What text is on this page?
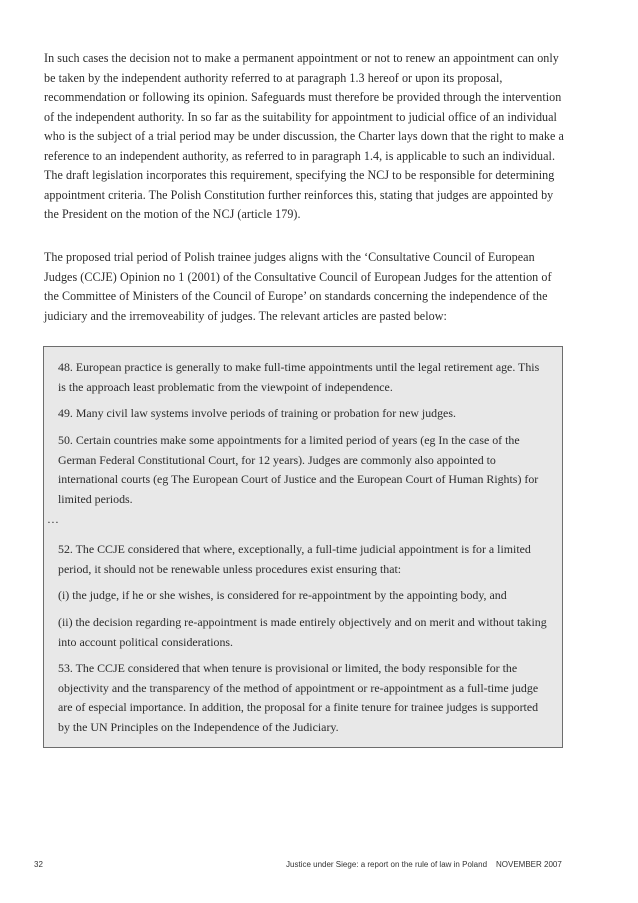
In such cases the decision not to make a permanent appointment or not to renew an appointment can only be taken by the independent authority referred to at paragraph 1.3 hereof or upon its proposal, recommendation or following its opinion. Safeguards must therefore be provided through the intervention of the independent authority. In so far as the suitability for appointment to judicial office of an individual who is the subject of a trial period may be under discussion, the Charter lays down that the right to make a reference to an independent authority, as referred to in paragraph 1.4, is applicable to such an individual. The draft legislation incorporates this requirement, specifying the NCJ to be responsible for determining appointment criteria. The Polish Constitution further reinforces this, stating that judges are appointed by the President on the motion of the NCJ (article 179).

The proposed trial period of Polish trainee judges aligns with the ‘Consultative Council of European Judges (CCJE) Opinion no 1 (2001) of the Consultative Council of European Judges for the attention of the Committee of Ministers of the Council of Europe’ on standards concerning the independence of the judiciary and the irremoveability of judges. The relevant articles are pasted below:

48. European practice is generally to make full-time appointments until the legal retirement age. This is the approach least problematic from the viewpoint of independence.

49. Many civil law systems involve periods of training or probation for new judges.

50. Certain countries make some appointments for a limited period of years (eg In the case of the German Federal Constitutional Court, for 12 years). Judges are commonly also appointed to international courts (eg The European Court of Justice and the European Court of Human Rights) for limited periods.

…

52. The CCJE considered that where, exceptionally, a full-time judicial appointment is for a limited period, it should not be renewable unless procedures exist ensuring that:

(i) the judge, if he or she wishes, is considered for re-appointment by the appointing body, and

(ii) the decision regarding re-appointment is made entirely objectively and on merit and without taking into account political considerations.

53. The CCJE considered that when tenure is provisional or limited, the body responsible for the objectivity and the transparency of the method of appointment or re-appointment as a full-time judge are of especial importance. In addition, the proposal for a finite tenure for trainee judges is supported by the UN Principles on the Independence of the Judiciary.

32	Justice under Siege: a report on the rule of law in Poland NOVEMBER 2007
